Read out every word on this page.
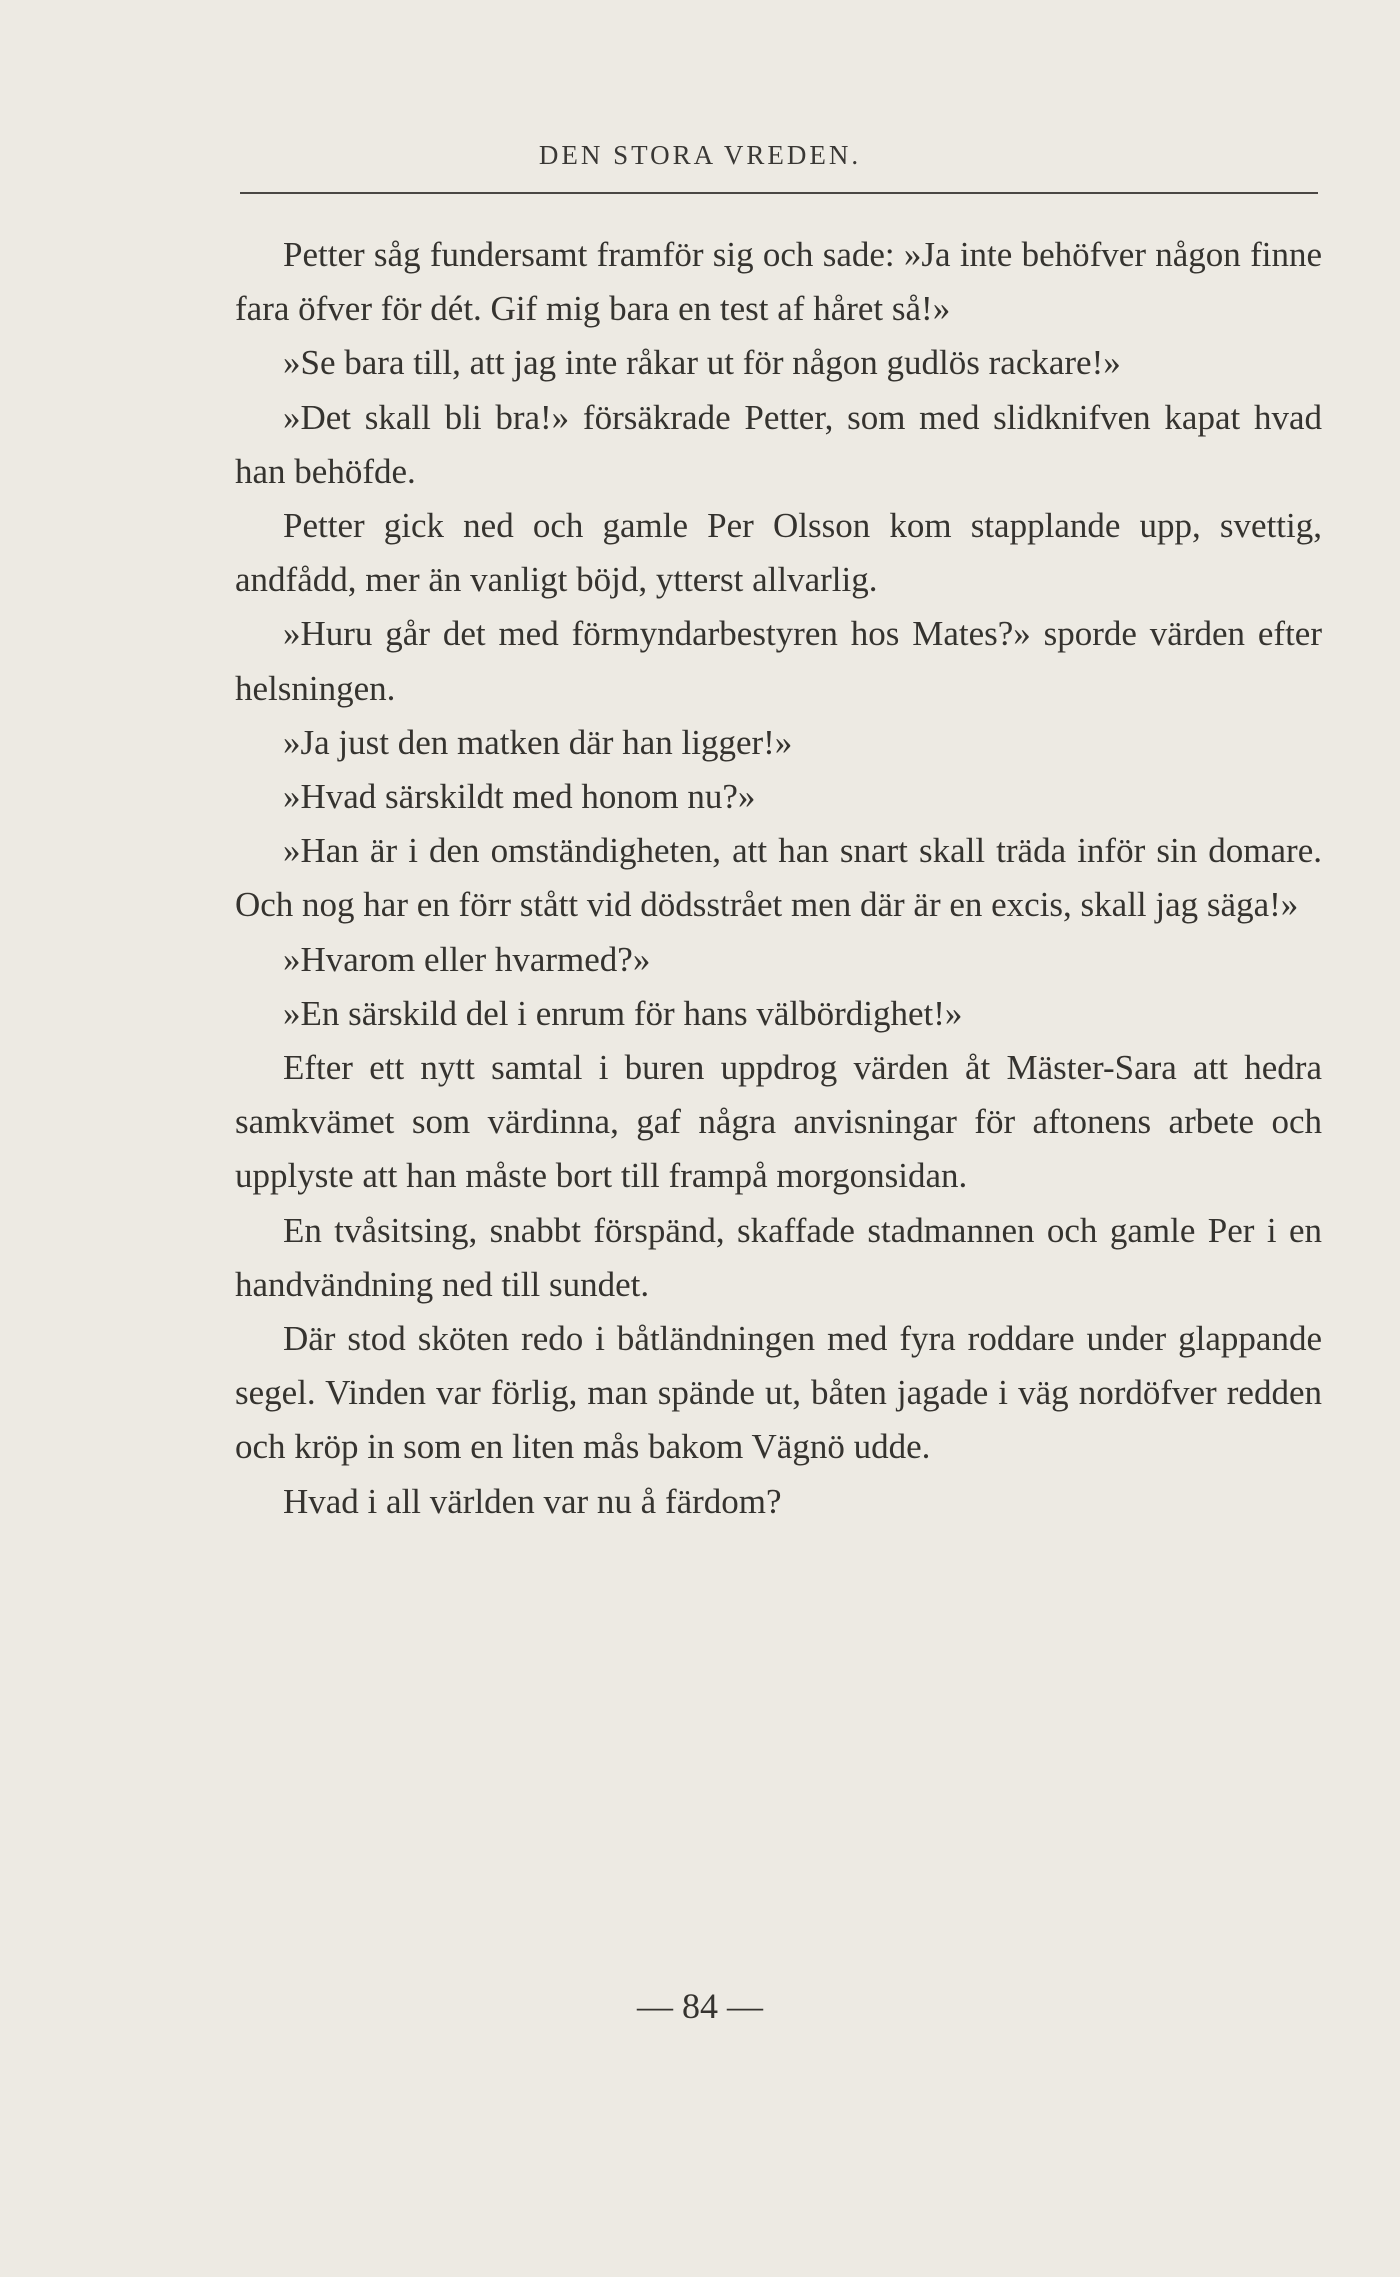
DEN STORA VREDEN.

Petter såg fundersamt framför sig och sade: »Ja inte behöfver någon finne fara öfver för dét. Gif mig bara en test af håret så!»

»Se bara till, att jag inte råkar ut för någon gudlös rackare!»

»Det skall bli bra!» försäkrade Petter, som med slidknifven kapat hvad han behöfde.

Petter gick ned och gamle Per Olsson kom stapplande upp, svettig, andfådd, mer än vanligt böjd, ytterst allvarlig.

»Huru går det med förmyndarbestyren hos Mates?» sporde värden efter helsningen.

»Ja just den matken där han ligger!»

»Hvad särskildt med honom nu?»

»Han är i den omständigheten, att han snart skall träda inför sin domare. Och nog har en förr stått vid dödsstrået men där är en excis, skall jag säga!»

»Hvarom eller hvarmed?»

»En särskild del i enrum för hans välbördighet!»

Efter ett nytt samtal i buren uppdrog värden åt Mäster-Sara att hedra samkvämet som värdinna, gaf några anvisningar för aftonens arbete och upplyste att han måste bort till frampå morgonsidan.

En tvåsitsing, snabbt förspänd, skaffade stadmannen och gamle Per i en handvändning ned till sundet.

Där stod sköten redo i båtländningen med fyra roddare under glappande segel. Vinden var förlig, man spände ut, båten jagade i väg nordöfver redden och kröp in som en liten mås bakom Vägnö udde.

Hvad i all världen var nu å färdom?

— 84 —
